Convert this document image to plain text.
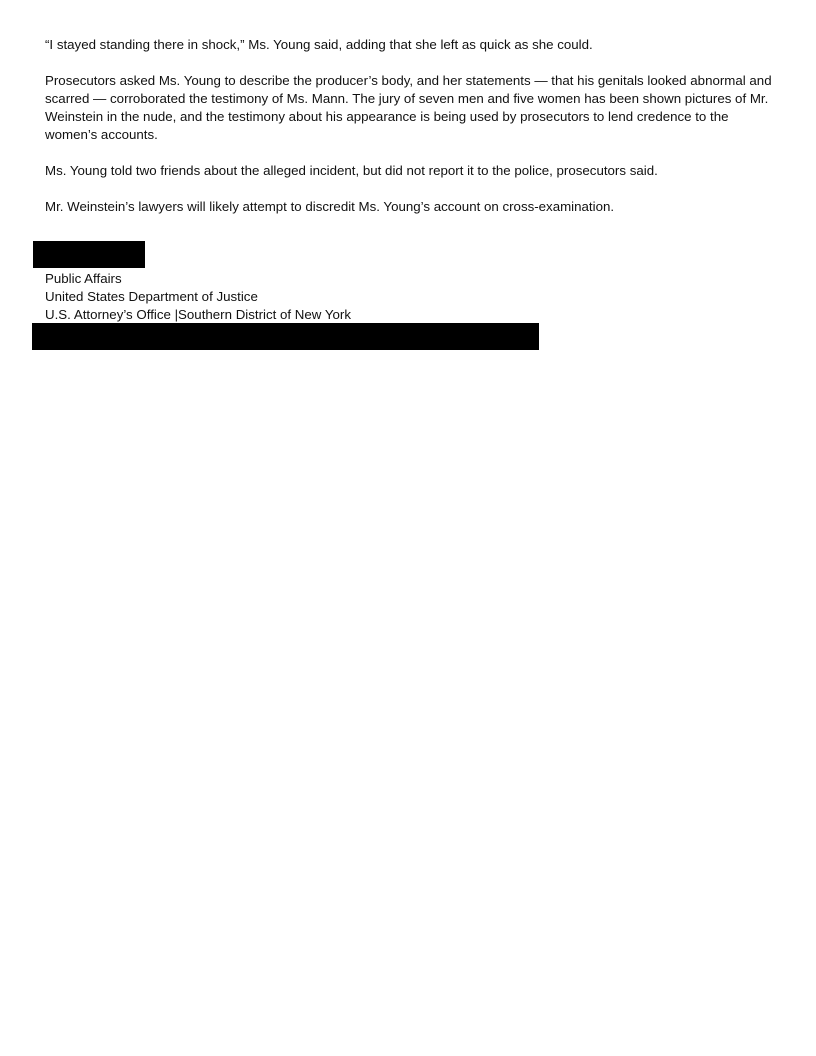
“I stayed standing there in shock,” Ms. Young said, adding that she left as quick as she could.

Prosecutors asked Ms. Young to describe the producer’s body, and her statements — that his genitals looked abnormal and scarred — corroborated the testimony of Ms. Mann. The jury of seven men and five women has been shown pictures of Mr. Weinstein in the nude, and the testimony about his appearance is being used by prosecutors to lend credence to the women’s accounts.

Ms. Young told two friends about the alleged incident, but did not report it to the police, prosecutors said.

Mr. Weinstein’s lawyers will likely attempt to discredit Ms. Young’s account on cross-examination.

Public Affairs
United States Department of Justice
U.S. Attorney’s Office |Southern District of New York
